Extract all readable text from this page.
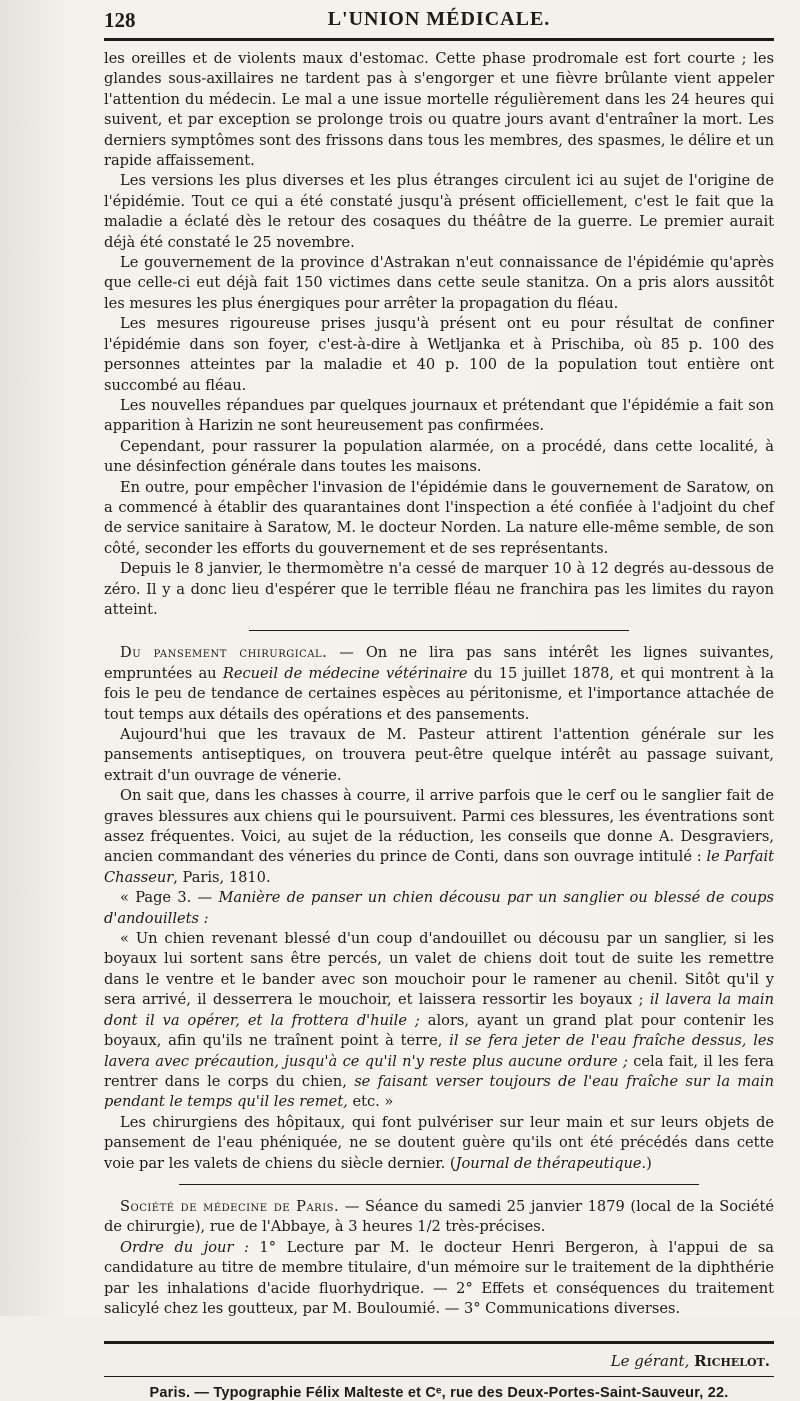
128	L'UNION MÉDICALE.

les oreilles et de violents maux d'estomac. Cette phase prodromale est fort courte ; les glandes sous-axillaires ne tardent pas à s'engorger et une fièvre brûlante vient appeler l'attention du médecin. Le mal a une issue mortelle régulièrement dans les 24 heures qui suivent, et par exception se prolonge trois ou quatre jours avant d'entraîner la mort. Les derniers symptômes sont des frissons dans tous les membres, des spasmes, le délire et un rapide affaissement.

Les versions les plus diverses et les plus étranges circulent ici au sujet de l'origine de l'épidémie. Tout ce qui a été constaté jusqu'à présent officiellement, c'est le fait que la maladie a éclaté dès le retour des cosaques du théâtre de la guerre. Le premier aurait déjà été constaté le 25 novembre.

Le gouvernement de la province d'Astrakan n'eut connaissance de l'épidémie qu'après que celle-ci eut déjà fait 150 victimes dans cette seule stanitza. On a pris alors aussitôt les mesures les plus énergiques pour arrêter la propagation du fléau.

Les mesures rigoureuse prises jusqu'à présent ont eu pour résultat de confiner l'épidémie dans son foyer, c'est-à-dire à Wetljanka et à Prischiba, où 85 p. 100 des personnes atteintes par la maladie et 40 p. 100 de la population tout entière ont succombé au fléau.

Les nouvelles répandues par quelques journaux et prétendant que l'épidémie a fait son apparition à Harizin ne sont heureusement pas confirmées.

Cependant, pour rassurer la population alarmée, on a procédé, dans cette localité, à une désinfection générale dans toutes les maisons.

En outre, pour empêcher l'invasion de l'épidémie dans le gouvernement de Saratow, on a commencé à établir des quarantaines dont l'inspection a été confiée à l'adjoint du chef de service sanitaire à Saratow, M. le docteur Norden. La nature elle-même semble, de son côté, seconder les efforts du gouvernement et de ses représentants.

Depuis le 8 janvier, le thermomètre n'a cessé de marquer 10 à 12 degrés au-dessous de zéro. Il y a donc lieu d'espérer que le terrible fléau ne franchira pas les limites du rayon atteint.

Du pansement chirurgical. — On ne lira pas sans intérêt les lignes suivantes, empruntées au Recueil de médecine vétérinaire du 15 juillet 1878, et qui montrent à la fois le peu de tendance de certaines espèces au péritonisme, et l'importance attachée de tout temps aux détails des opérations et des pansements.

Aujourd'hui que les travaux de M. Pasteur attirent l'attention générale sur les pansements antiseptiques, on trouvera peut-être quelque intérêt au passage suivant, extrait d'un ouvrage de vénerie.

On sait que, dans les chasses à courre, il arrive parfois que le cerf ou le sanglier fait de graves blessures aux chiens qui le poursuivent. Parmi ces blessures, les éventrations sont assez fréquentes. Voici, au sujet de la réduction, les conseils que donne A. Desgraviers, ancien commandant des véneries du prince de Conti, dans son ouvrage intitulé : le Parfait Chasseur, Paris, 1810.

« Page 3. — Manière de panser un chien décousu par un sanglier ou blessé de coups d'andouillets :

« Un chien revenant blessé d'un coup d'andouillet ou décousu par un sanglier, si les boyaux lui sortent sans être percés, un valet de chiens doit tout de suite les remettre dans le ventre et le bander avec son mouchoir pour le ramener au chenil. Sitôt qu'il y sera arrivé, il desserrera le mouchoir, et laissera ressortir les boyaux ; il lavera la main dont il va opérer, et la frottera d'huile ; alors, ayant un grand plat pour contenir les boyaux, afin qu'ils ne traînent point à terre, il se fera jeter de l'eau fraîche dessus, les lavera avec précaution, jusqu'à ce qu'il n'y reste plus aucune ordure ; cela fait, il les fera rentrer dans le corps du chien, se faisant verser toujours de l'eau fraîche sur la main pendant le temps qu'il les remet, etc. »

Les chirurgiens des hôpitaux, qui font pulvériser sur leur main et sur leurs objets de pansement de l'eau phéniquée, ne se doutent guère qu'ils ont été précédés dans cette voie par les valets de chiens du siècle dernier. (Journal de thérapeutique.)

Société de médecine de Paris. — Séance du samedi 25 janvier 1879 (local de la Société de chirurgie), rue de l'Abbaye, à 3 heures 1/2 très-précises.

Ordre du jour : 1° Lecture par M. le docteur Henri Bergeron, à l'appui de sa candidature au titre de membre titulaire, d'un mémoire sur le traitement de la diphthérie par les inhalations d'acide fluorhydrique. — 2° Effets et conséquences du traitement salicylé chez les goutteux, par M. Bouloumié. — 3° Communications diverses.

Le gérant, Richelot.
Paris. — Typographie Félix Malteste et Cᵉ, rue des Deux-Portes-Saint-Sauveur, 22.
